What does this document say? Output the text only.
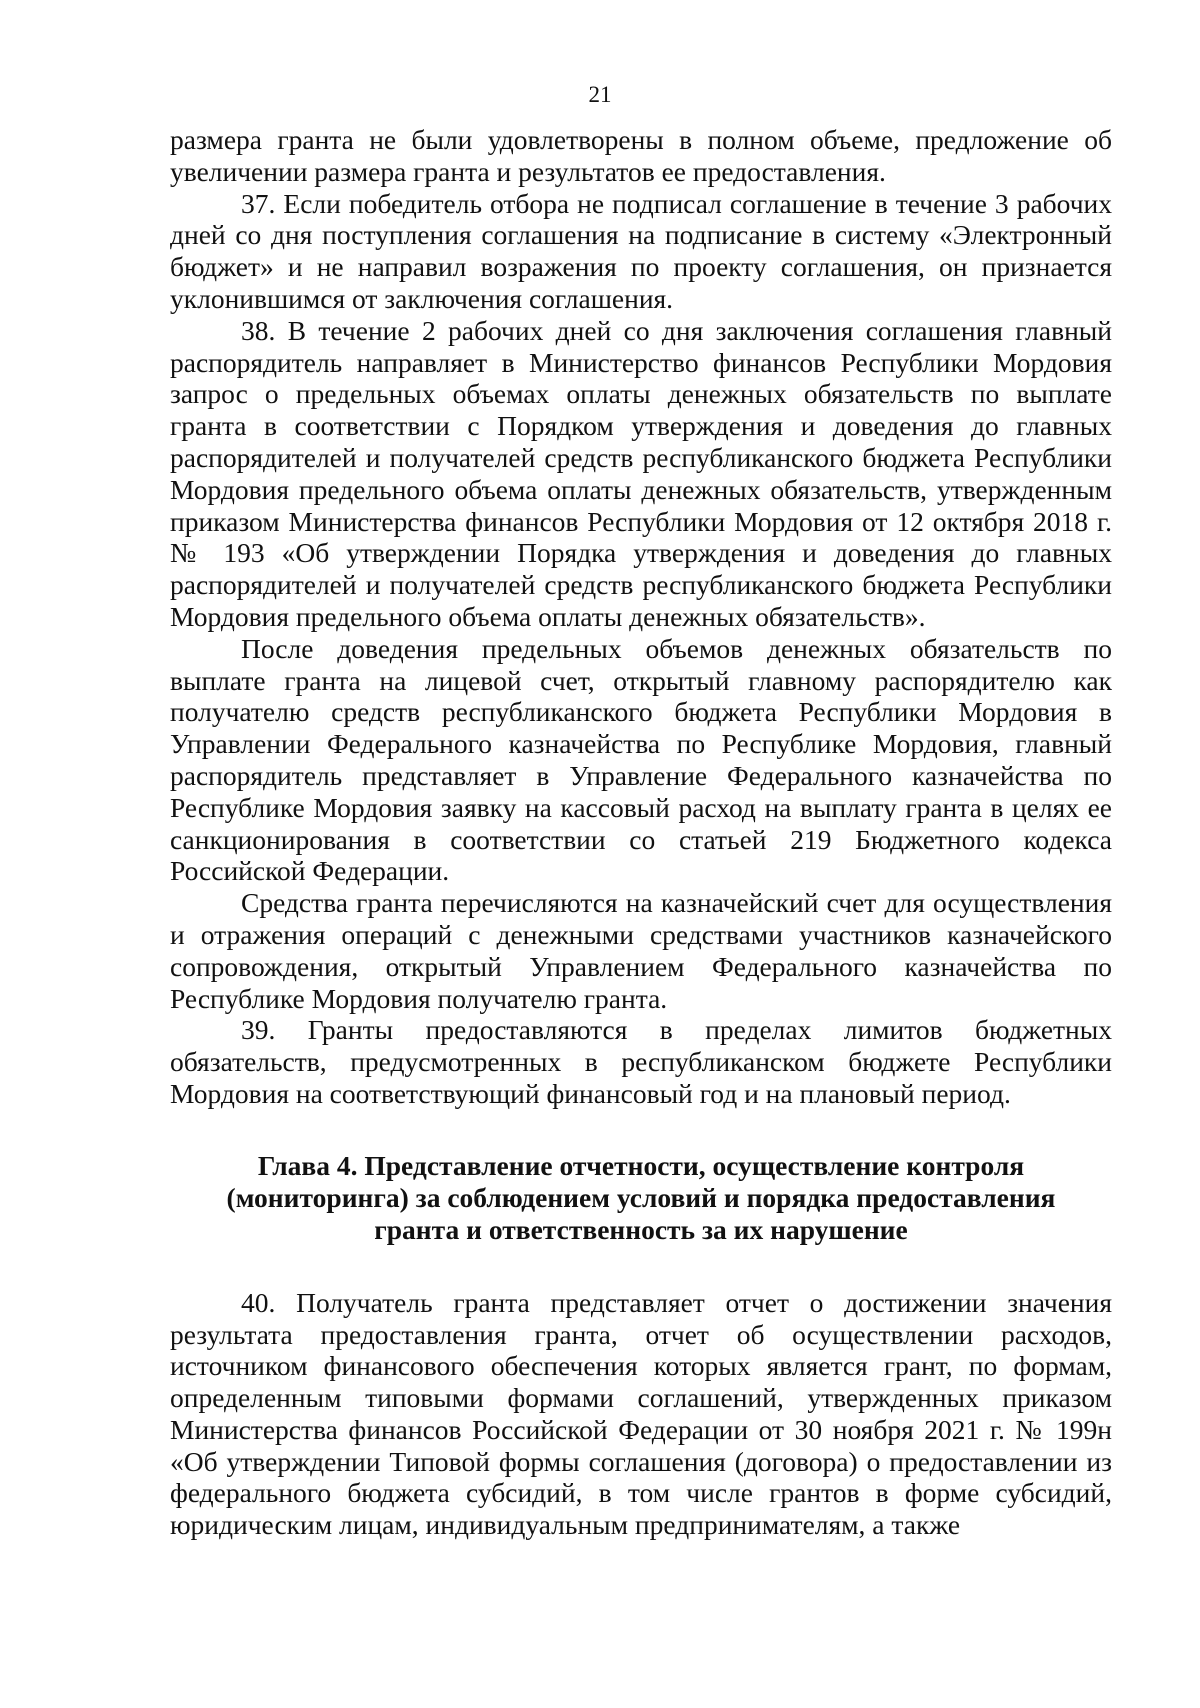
21

размера гранта не были удовлетворены в полном объеме, предложение об увеличении размера гранта и результатов ее предоставления.

37. Если победитель отбора не подписал соглашение в течение 3 рабочих дней со дня поступления соглашения на подписание в систему «Электронный бюджет» и не направил возражения по проекту соглашения, он признается уклонившимся от заключения соглашения.

38. В течение 2 рабочих дней со дня заключения соглашения главный распорядитель направляет в Министерство финансов Республики Мордовия запрос о предельных объемах оплаты денежных обязательств по выплате гранта в соответствии с Порядком утверждения и доведения до главных распорядителей и получателей средств республиканского бюджета Республики Мордовия предельного объема оплаты денежных обязательств, утвержденным приказом Министерства финансов Республики Мордовия от 12 октября 2018 г. № 193 «Об утверждении Порядка утверждения и доведения до главных распорядителей и получателей средств республиканского бюджета Республики Мордовия предельного объема оплаты денежных обязательств».

После доведения предельных объемов денежных обязательств по выплате гранта на лицевой счет, открытый главному распорядителю как получателю средств республиканского бюджета Республики Мордовия в Управлении Федерального казначейства по Республике Мордовия, главный распорядитель представляет в Управление Федерального казначейства по Республике Мордовия заявку на кассовый расход на выплату гранта в целях ее санкционирования в соответствии со статьей 219 Бюджетного кодекса Российской Федерации.

Средства гранта перечисляются на казначейский счет для осуществления и отражения операций с денежными средствами участников казначейского сопровождения, открытый Управлением Федерального казначейства по Республике Мордовия получателю гранта.

39. Гранты предоставляются в пределах лимитов бюджетных обязательств, предусмотренных в республиканском бюджете Республики Мордовия на соответствующий финансовый год и на плановый период.

Глава 4. Представление отчетности, осуществление контроля (мониторинга) за соблюдением условий и порядка предоставления гранта и ответственность за их нарушение

40. Получатель гранта представляет отчет о достижении значения результата предоставления гранта, отчет об осуществлении расходов, источником финансового обеспечения которых является грант, по формам, определенным типовыми формами соглашений, утвержденных приказом Министерства финансов Российской Федерации от 30 ноября 2021 г. № 199н «Об утверждении Типовой формы соглашения (договора) о предоставлении из федерального бюджета субсидий, в том числе грантов в форме субсидий, юридическим лицам, индивидуальным предпринимателям, а также
